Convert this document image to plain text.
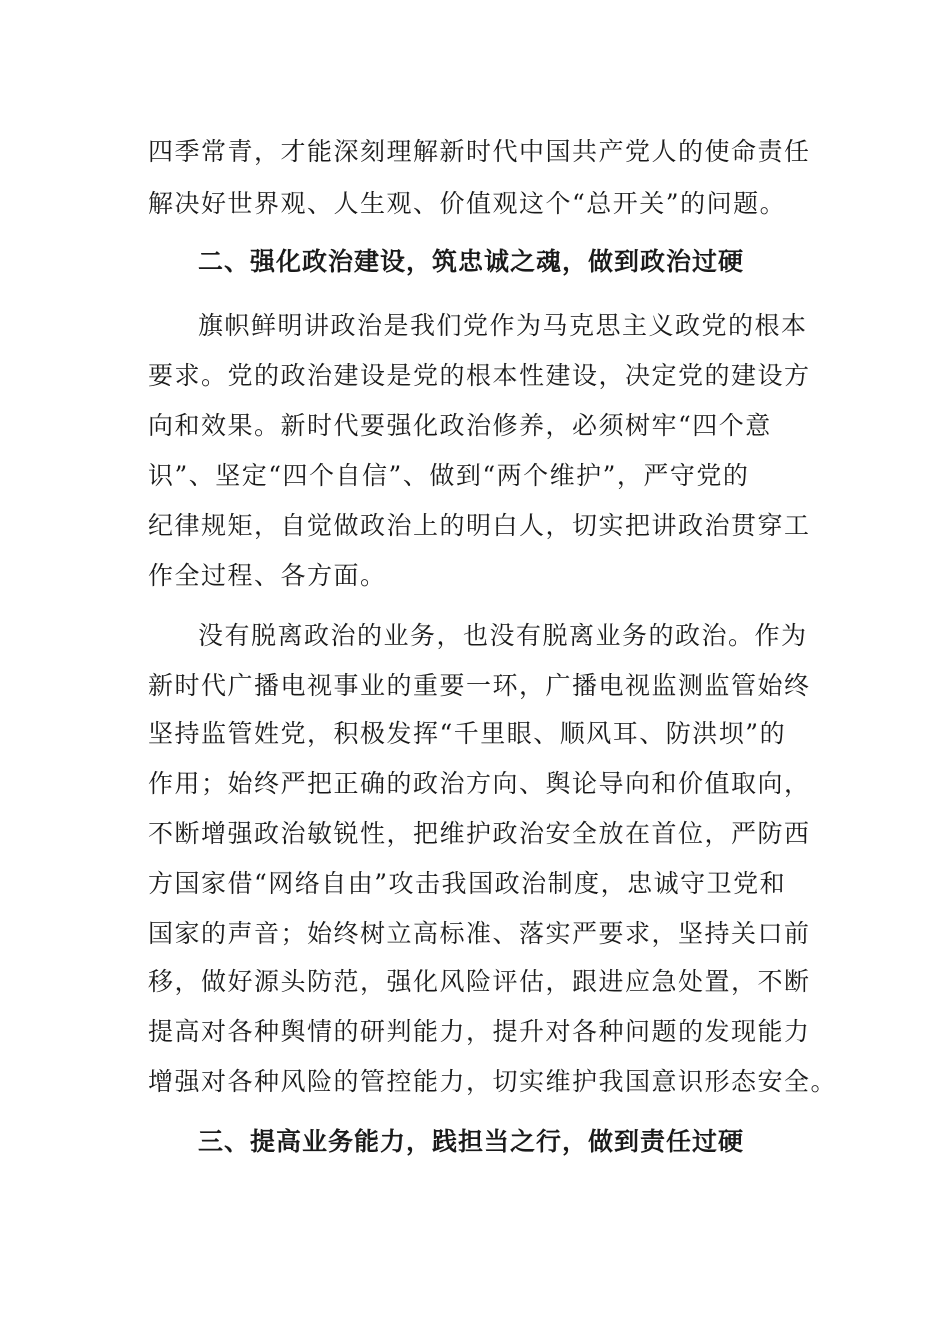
四季常青，才能深刻理解新时代中国共产党人的使命责任
解决好世界观、人生观、价值观这个“总开关”的问题。
二、强化政治建设，筑忠诚之魂，做到政治过硬
旗帜鲜明讲政治是我们党作为马克思主义政党的根本
要求。党的政治建设是党的根本性建设，决定党的建设方
向和效果。新时代要强化政治修养，必须树牢“四个意
识”、坚定“四个自信”、做到“两个维护”，严守党的
纪律规矩，自觉做政治上的明白人，切实把讲政治贯穿工
作全过程、各方面。
没有脱离政治的业务，也没有脱离业务的政治。作为
新时代广播电视事业的重要一环，广播电视监测监管始终
坚持监管姓党，积极发挥“千里眼、顺风耳、防洪坝”的
作用；始终严把正确的政治方向、舆论导向和价值取向，
不断增强政治敏锐性，把维护政治安全放在首位，严防西
方国家借“网络自由”攻击我国政治制度，忠诚守卫党和
国家的声音；始终树立高标准、落实严要求，坚持关口前
移，做好源头防范，强化风险评估，跟进应急处置，不断
提高对各种舆情的研判能力，提升对各种问题的发现能力
增强对各种风险的管控能力，切实维护我国意识形态安全。
三、提高业务能力，践担当之行，做到责任过硬
